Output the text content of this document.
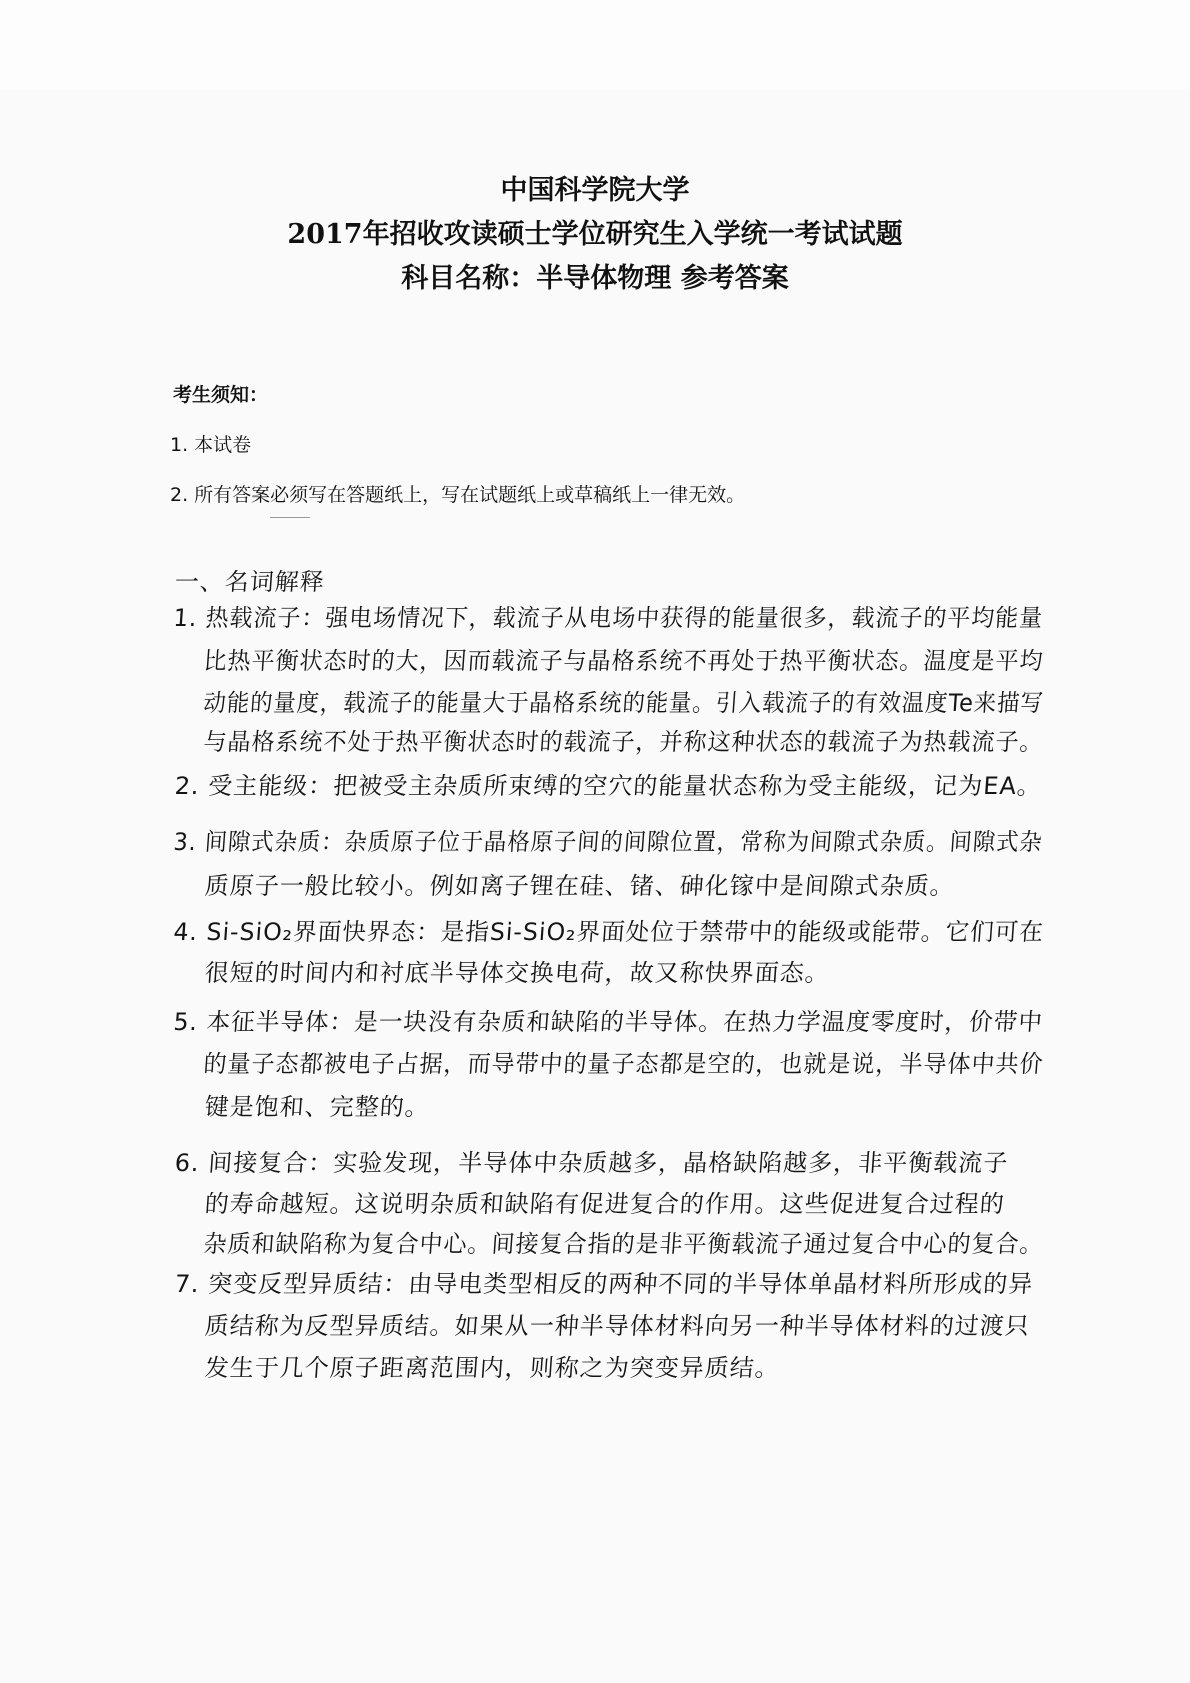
中国科学院大学
2017年招收攻读硕士学位研究生入学统一考试试题
科目名称：半导体物理 参考答案
考生须知：
1. 本试卷
2. 所有答案必须写在答题纸上，写在试题纸上或草稿纸上一律无效。
一、名词解释
1. 热载流子：强电场情况下，载流子从电场中获得的能量很多，载流子的平均能量
比热平衡状态时的大，因而载流子与晶格系统不再处于热平衡状态。温度是平均
动能的量度，载流子的能量大于晶格系统的能量。引入载流子的有效温度Te来描写
与晶格系统不处于热平衡状态时的载流子，并称这种状态的载流子为热载流子。
2. 受主能级：把被受主杂质所束缚的空穴的能量状态称为受主能级，记为EA。
3. 间隙式杂质：杂质原子位于晶格原子间的间隙位置，常称为间隙式杂质。间隙式杂
质原子一般比较小。例如离子锂在硅、锗、砷化镓中是间隙式杂质。
4. Si-SiO₂界面快界态：是指Si-SiO₂界面处位于禁带中的能级或能带。它们可在
很短的时间内和衬底半导体交换电荷，故又称快界面态。
5. 本征半导体：是一块没有杂质和缺陷的半导体。在热力学温度零度时，价带中
的量子态都被电子占据，而导带中的量子态都是空的，也就是说，半导体中共价
键是饱和、完整的。
6. 间接复合：实验发现，半导体中杂质越多，晶格缺陷越多，非平衡载流子
的寿命越短。这说明杂质和缺陷有促进复合的作用。这些促进复合过程的
杂质和缺陷称为复合中心。间接复合指的是非平衡载流子通过复合中心的复合。
7. 突变反型异质结：由导电类型相反的两种不同的半导体单晶材料所形成的异
质结称为反型异质结。如果从一种半导体材料向另一种半导体材料的过渡只
发生于几个原子距离范围内，则称之为突变异质结。
